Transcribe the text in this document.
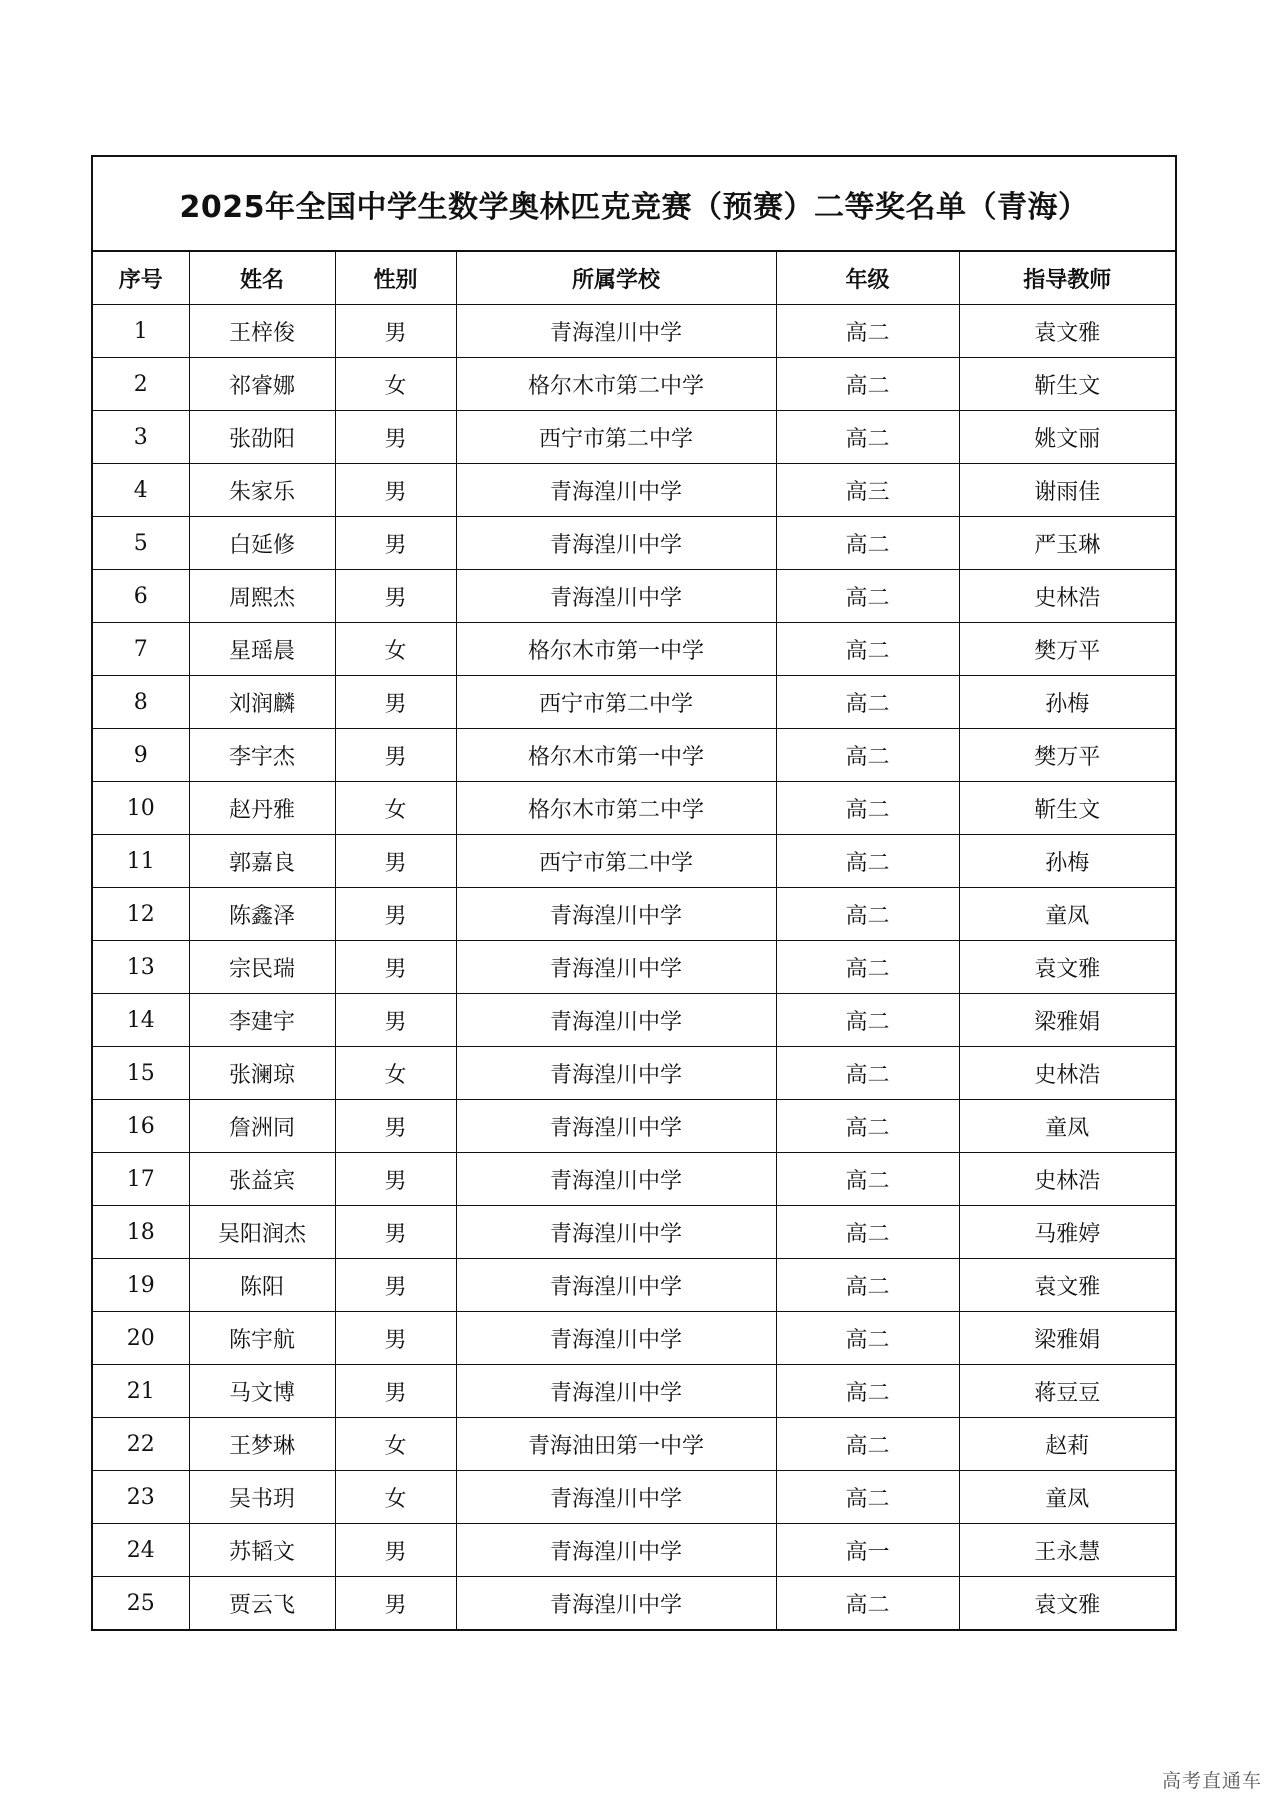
2025年全国中学生数学奥林匹克竞赛（预赛）二等奖名单（青海）
序号	姓名	性别	所属学校	年级	指导教师
1	王梓俊	男	青海湟川中学	高二	袁文雅
2	祁睿娜	女	格尔木市第二中学	高二	靳生文
3	张劭阳	男	西宁市第二中学	高二	姚文丽
4	朱家乐	男	青海湟川中学	高三	谢雨佳
5	白延修	男	青海湟川中学	高二	严玉琳
6	周熙杰	男	青海湟川中学	高二	史林浩
7	星瑶晨	女	格尔木市第一中学	高二	樊万平
8	刘润麟	男	西宁市第二中学	高二	孙梅
9	李宇杰	男	格尔木市第一中学	高二	樊万平
10	赵丹雅	女	格尔木市第二中学	高二	靳生文
11	郭嘉良	男	西宁市第二中学	高二	孙梅
12	陈鑫泽	男	青海湟川中学	高二	童凤
13	宗民瑞	男	青海湟川中学	高二	袁文雅
14	李建宇	男	青海湟川中学	高二	梁雅娟
15	张澜琼	女	青海湟川中学	高二	史林浩
16	詹洲同	男	青海湟川中学	高二	童凤
17	张益宾	男	青海湟川中学	高二	史林浩
18	吴阳润杰	男	青海湟川中学	高二	马雅婷
19	陈阳	男	青海湟川中学	高二	袁文雅
20	陈宇航	男	青海湟川中学	高二	梁雅娟
21	马文博	男	青海湟川中学	高二	蒋豆豆
22	王梦琳	女	青海油田第一中学	高二	赵莉
23	吴书玥	女	青海湟川中学	高二	童凤
24	苏韬文	男	青海湟川中学	高一	王永慧
25	贾云飞	男	青海湟川中学	高二	袁文雅
高考直通车
